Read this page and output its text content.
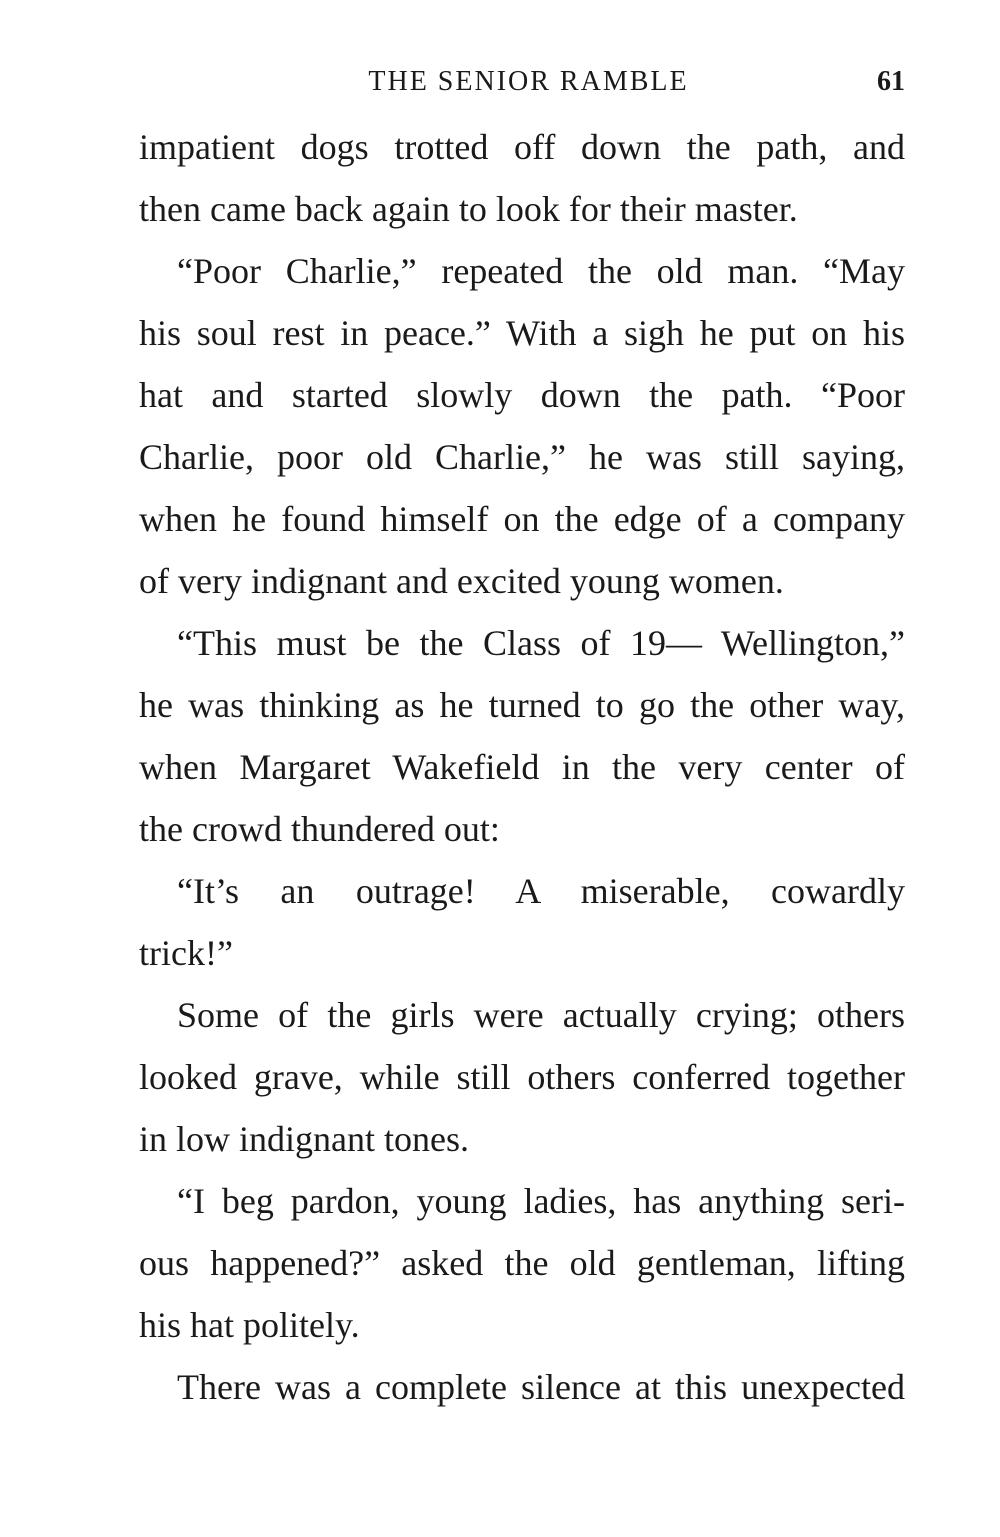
THE SENIOR RAMBLE	61
impatient dogs trotted off down the path, and
then came back again to look for their master.
“Poor Charlie,” repeated the old man. “May
his soul rest in peace.” With a sigh he put on his
hat and started slowly down the path. “Poor
Charlie, poor old Charlie,” he was still saying,
when he found himself on the edge of a company
of very indignant and excited young women.
“This must be the Class of 19— Wellington,”
he was thinking as he turned to go the other way,
when Margaret Wakefield in the very center of
the crowd thundered out:
“It’s an outrage! A miserable, cowardly
trick!”
Some of the girls were actually crying; others
looked grave, while still others conferred together
in low indignant tones.
“I beg pardon, young ladies, has anything seri-
ous happened?” asked the old gentleman, lifting
his hat politely.
There was a complete silence at this unexpected
